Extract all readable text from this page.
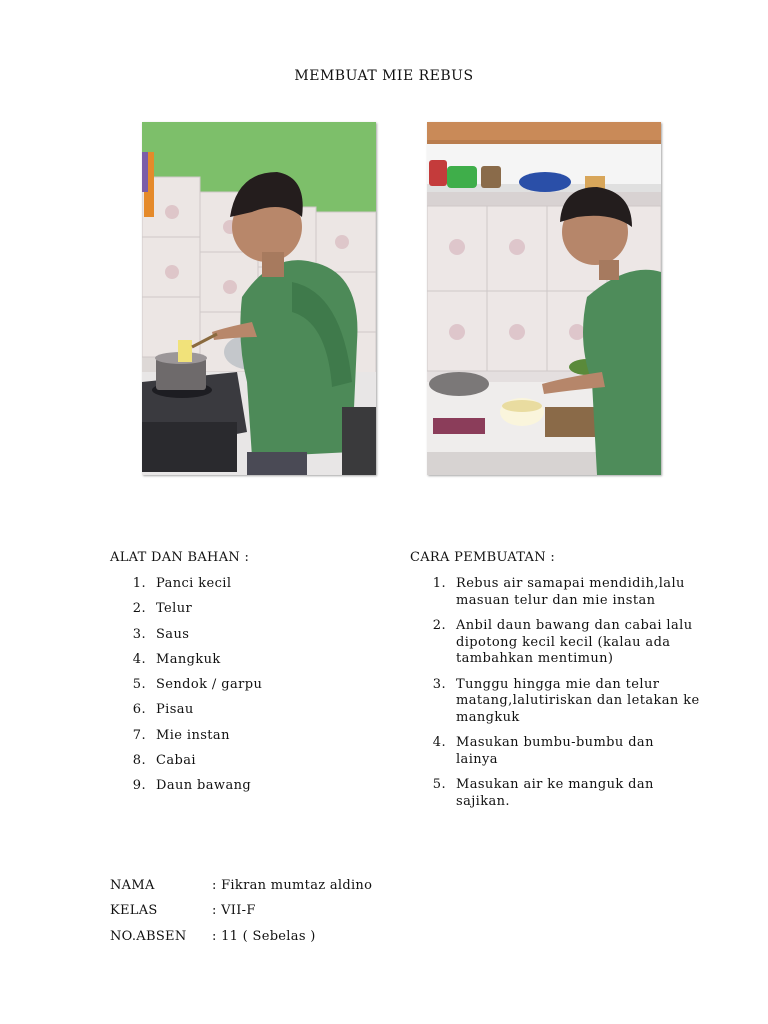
MEMBUAT MIE REBUS
ALAT DAN BAHAN :
1. Panci kecil
2. Telur
3. Saus
4. Mangkuk
5. Sendok / garpu
6. Pisau
7. Mie instan
8. Cabai
9. Daun bawang
CARA PEMBUATAN :
1. Rebus air samapai mendidih,lalu masuan telur dan mie instan
2. Anbil daun bawang dan cabai lalu dipotong kecil kecil (kalau ada tambahkan mentimun)
3. Tunggu hingga mie dan telur matang,lalutiriskan dan letakan ke mangkuk
4. Masukan bumbu-bumbu dan lainya
5. Masukan air ke manguk dan sajikan.
NAMA	: Fikran mumtaz aldino
KELAS	: VII-F
NO.ABSEN : 11 ( Sebelas )
